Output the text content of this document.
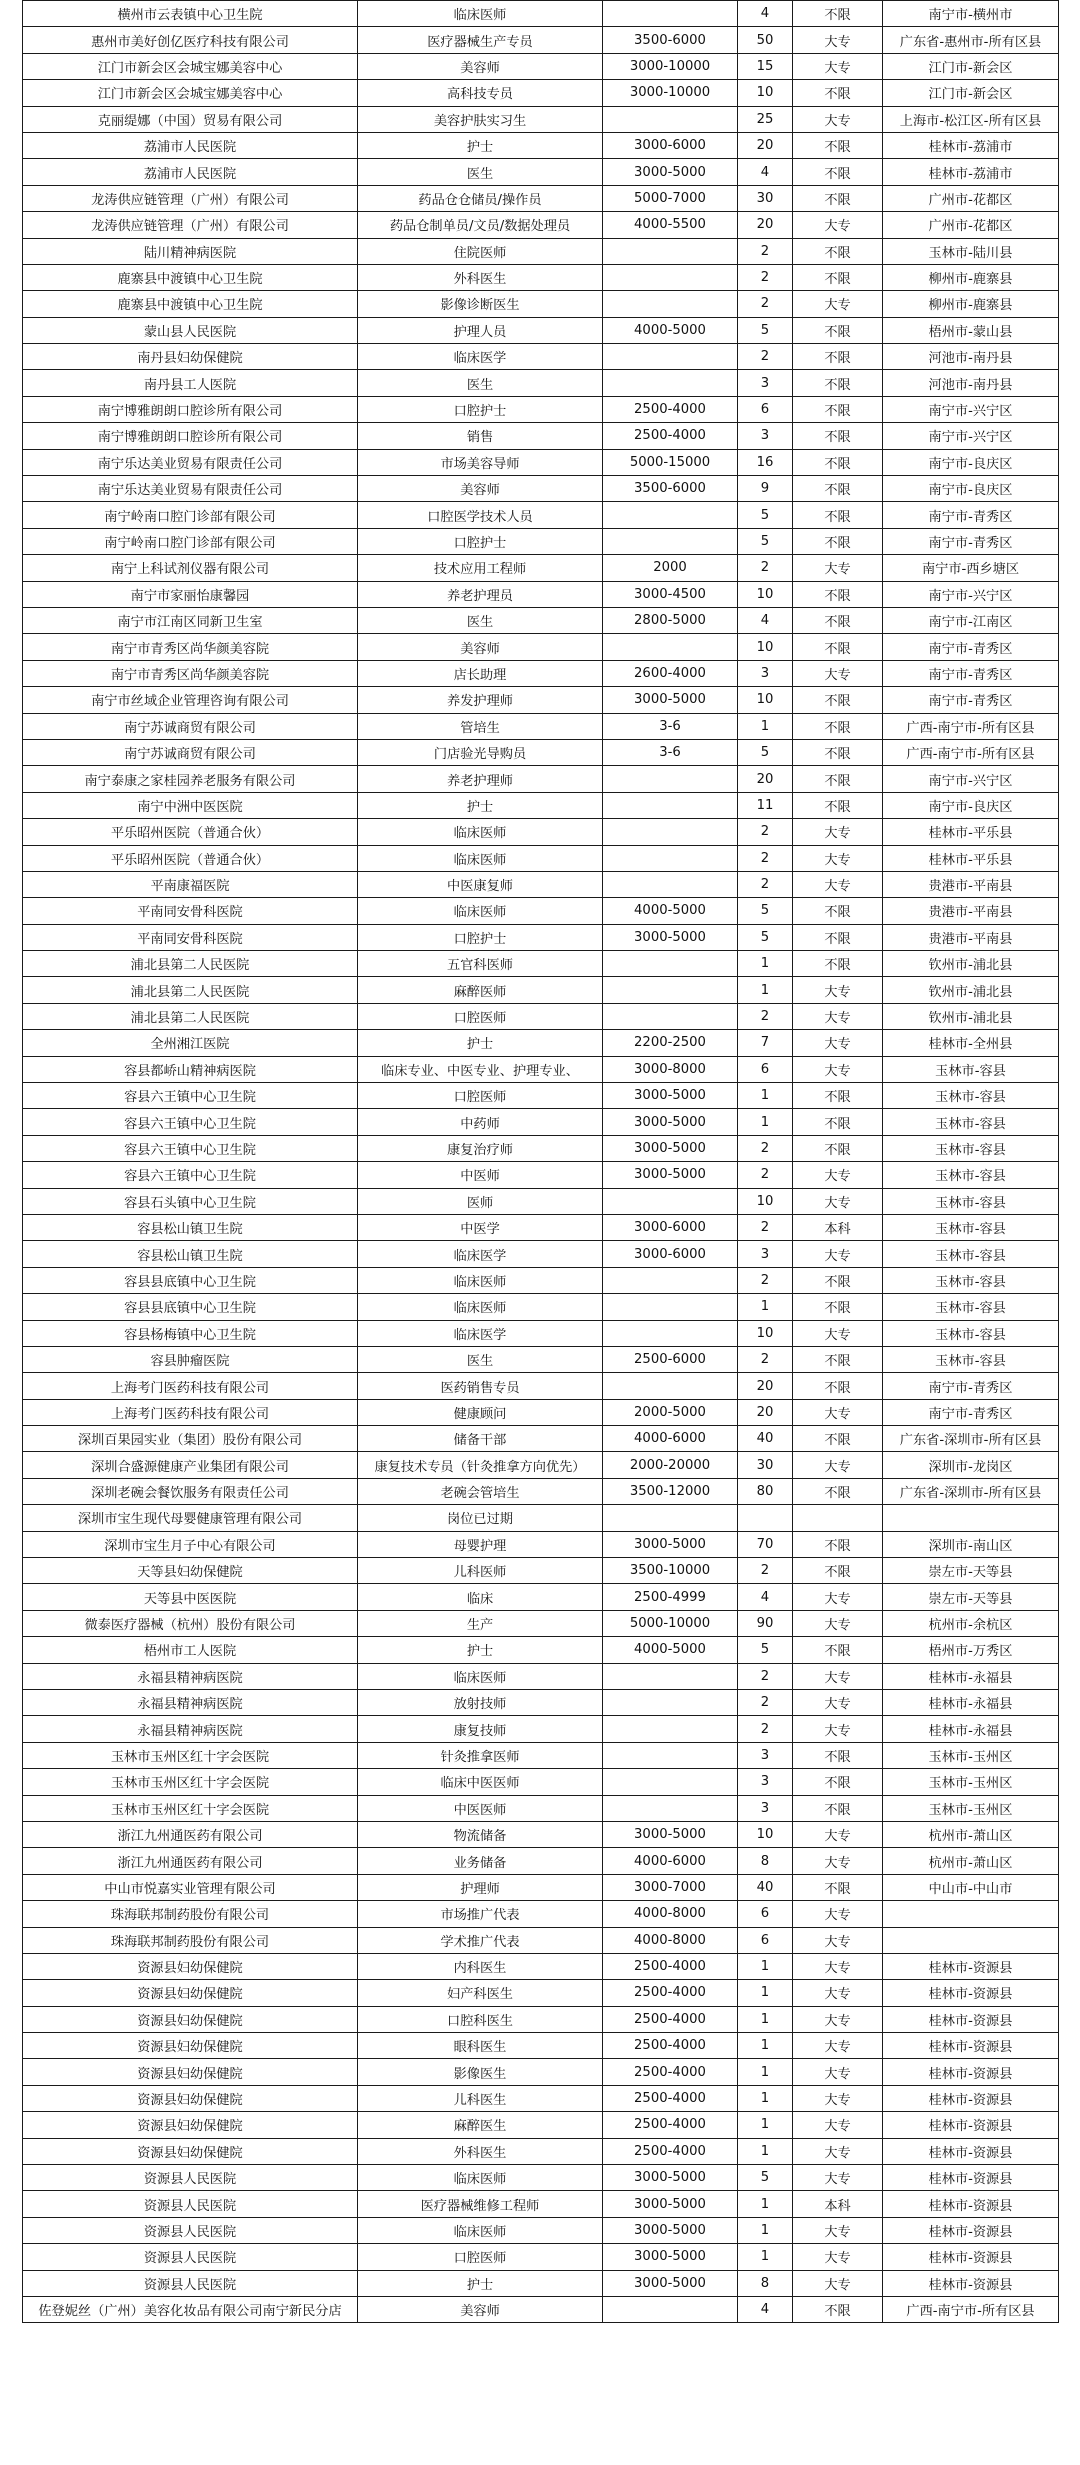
横州市云表镇中心卫生院	临床医师		4	不限	南宁市-横州市
惠州市美好创亿医疗科技有限公司	医疗器械生产专员	3500-6000	50	大专	广东省-惠州市-所有区县
江门市新会区会城宝娜美容中心	美容师	3000-10000	15	大专	江门市-新会区
江门市新会区会城宝娜美容中心	高科技专员	3000-10000	10	不限	江门市-新会区
克丽缇娜（中国）贸易有限公司	美容护肤实习生		25	大专	上海市-松江区-所有区县
荔浦市人民医院	护士	3000-6000	20	不限	桂林市-荔浦市
荔浦市人民医院	医生	3000-5000	4	不限	桂林市-荔浦市
龙涛供应链管理（广州）有限公司	药品仓仓储员/操作员	5000-7000	30	不限	广州市-花都区
龙涛供应链管理（广州）有限公司	药品仓制单员/文员/数据处理员	4000-5500	20	大专	广州市-花都区
陆川精神病医院	住院医师		2	不限	玉林市-陆川县
鹿寨县中渡镇中心卫生院	外科医生		2	不限	柳州市-鹿寨县
鹿寨县中渡镇中心卫生院	影像诊断医生		2	大专	柳州市-鹿寨县
蒙山县人民医院	护理人员	4000-5000	5	不限	梧州市-蒙山县
南丹县妇幼保健院	临床医学		2	不限	河池市-南丹县
南丹县工人医院	医生		3	不限	河池市-南丹县
南宁博雅朗朗口腔诊所有限公司	口腔护士	2500-4000	6	不限	南宁市-兴宁区
南宁博雅朗朗口腔诊所有限公司	销售	2500-4000	3	不限	南宁市-兴宁区
南宁乐达美业贸易有限责任公司	市场美容导师	5000-15000	16	不限	南宁市-良庆区
南宁乐达美业贸易有限责任公司	美容师	3500-6000	9	不限	南宁市-良庆区
南宁岭南口腔门诊部有限公司	口腔医学技术人员		5	不限	南宁市-青秀区
南宁岭南口腔门诊部有限公司	口腔护士		5	不限	南宁市-青秀区
南宁上科试剂仪器有限公司	技术应用工程师	2000	2	大专	南宁市-西乡塘区
南宁市家丽怡康馨园	养老护理员	3000-4500	10	不限	南宁市-兴宁区
南宁市江南区同新卫生室	医生	2800-5000	4	不限	南宁市-江南区
南宁市青秀区尚华颜美容院	美容师		10	不限	南宁市-青秀区
南宁市青秀区尚华颜美容院	店长助理	2600-4000	3	大专	南宁市-青秀区
南宁市丝域企业管理咨询有限公司	养发护理师	3000-5000	10	不限	南宁市-青秀区
南宁苏诚商贸有限公司	管培生	3-6	1	不限	广西-南宁市-所有区县
南宁苏诚商贸有限公司	门店验光导购员	3-6	5	不限	广西-南宁市-所有区县
南宁泰康之家桂园养老服务有限公司	养老护理师		20	不限	南宁市-兴宁区
南宁中洲中医医院	护士		11	不限	南宁市-良庆区
平乐昭州医院（普通合伙）	临床医师		2	大专	桂林市-平乐县
平乐昭州医院（普通合伙）	临床医师		2	大专	桂林市-平乐县
平南康福医院	中医康复师		2	大专	贵港市-平南县
平南同安骨科医院	临床医师	4000-5000	5	不限	贵港市-平南县
平南同安骨科医院	口腔护士	3000-5000	5	不限	贵港市-平南县
浦北县第二人民医院	五官科医师		1	不限	钦州市-浦北县
浦北县第二人民医院	麻醉医师		1	大专	钦州市-浦北县
浦北县第二人民医院	口腔医师		2	大专	钦州市-浦北县
全州湘江医院	护士	2200-2500	7	大专	桂林市-全州县
容县都峤山精神病医院	临床专业、中医专业、护理专业、	3000-8000	6	大专	玉林市-容县
容县六王镇中心卫生院	口腔医师	3000-5000	1	不限	玉林市-容县
容县六王镇中心卫生院	中药师	3000-5000	1	不限	玉林市-容县
容县六王镇中心卫生院	康复治疗师	3000-5000	2	不限	玉林市-容县
容县六王镇中心卫生院	中医师	3000-5000	2	大专	玉林市-容县
容县石头镇中心卫生院	医师		10	大专	玉林市-容县
容县松山镇卫生院	中医学	3000-6000	2	本科	玉林市-容县
容县松山镇卫生院	临床医学	3000-6000	3	大专	玉林市-容县
容县县底镇中心卫生院	临床医师		2	不限	玉林市-容县
容县县底镇中心卫生院	临床医师		1	不限	玉林市-容县
容县杨梅镇中心卫生院	临床医学		10	大专	玉林市-容县
容县肿瘤医院	医生	2500-6000	2	不限	玉林市-容县
上海考门医药科技有限公司	医药销售专员		20	不限	南宁市-青秀区
上海考门医药科技有限公司	健康顾问	2000-5000	20	大专	南宁市-青秀区
深圳百果园实业（集团）股份有限公司	储备干部	4000-6000	40	不限	广东省-深圳市-所有区县
深圳合盛源健康产业集团有限公司	康复技术专员（针灸推拿方向优先）	2000-20000	30	大专	深圳市-龙岗区
深圳老碗会餐饮服务有限责任公司	老碗会管培生	3500-12000	80	不限	广东省-深圳市-所有区县
深圳市宝生现代母婴健康管理有限公司	岗位已过期				
深圳市宝生月子中心有限公司	母婴护理	3000-5000	70	不限	深圳市-南山区
天等县妇幼保健院	儿科医师	3500-10000	2	不限	崇左市-天等县
天等县中医医院	临床	2500-4999	4	大专	崇左市-天等县
微泰医疗器械（杭州）股份有限公司	生产	5000-10000	90	大专	杭州市-余杭区
梧州市工人医院	护士	4000-5000	5	不限	梧州市-万秀区
永福县精神病医院	临床医师		2	大专	桂林市-永福县
永福县精神病医院	放射技师		2	大专	桂林市-永福县
永福县精神病医院	康复技师		2	大专	桂林市-永福县
玉林市玉州区红十字会医院	针灸推拿医师		3	不限	玉林市-玉州区
玉林市玉州区红十字会医院	临床中医医师		3	不限	玉林市-玉州区
玉林市玉州区红十字会医院	中医医师		3	不限	玉林市-玉州区
浙江九州通医药有限公司	物流储备	3000-5000	10	大专	杭州市-萧山区
浙江九州通医药有限公司	业务储备	4000-6000	8	大专	杭州市-萧山区
中山市悦嘉实业管理有限公司	护理师	3000-7000	40	不限	中山市-中山市
珠海联邦制药股份有限公司	市场推广代表	4000-8000	6	大专	
珠海联邦制药股份有限公司	学术推广代表	4000-8000	6	大专	
资源县妇幼保健院	内科医生	2500-4000	1	大专	桂林市-资源县
资源县妇幼保健院	妇产科医生	2500-4000	1	大专	桂林市-资源县
资源县妇幼保健院	口腔科医生	2500-4000	1	大专	桂林市-资源县
资源县妇幼保健院	眼科医生	2500-4000	1	大专	桂林市-资源县
资源县妇幼保健院	影像医生	2500-4000	1	大专	桂林市-资源县
资源县妇幼保健院	儿科医生	2500-4000	1	大专	桂林市-资源县
资源县妇幼保健院	麻醉医生	2500-4000	1	大专	桂林市-资源县
资源县妇幼保健院	外科医生	2500-4000	1	大专	桂林市-资源县
资源县人民医院	临床医师	3000-5000	5	大专	桂林市-资源县
资源县人民医院	医疗器械维修工程师	3000-5000	1	本科	桂林市-资源县
资源县人民医院	临床医师	3000-5000	1	大专	桂林市-资源县
资源县人民医院	口腔医师	3000-5000	1	大专	桂林市-资源县
资源县人民医院	护士	3000-5000	8	大专	桂林市-资源县
佐登妮丝（广州）美容化妆品有限公司南宁新民分店	美容师		4	不限	广西-南宁市-所有区县
